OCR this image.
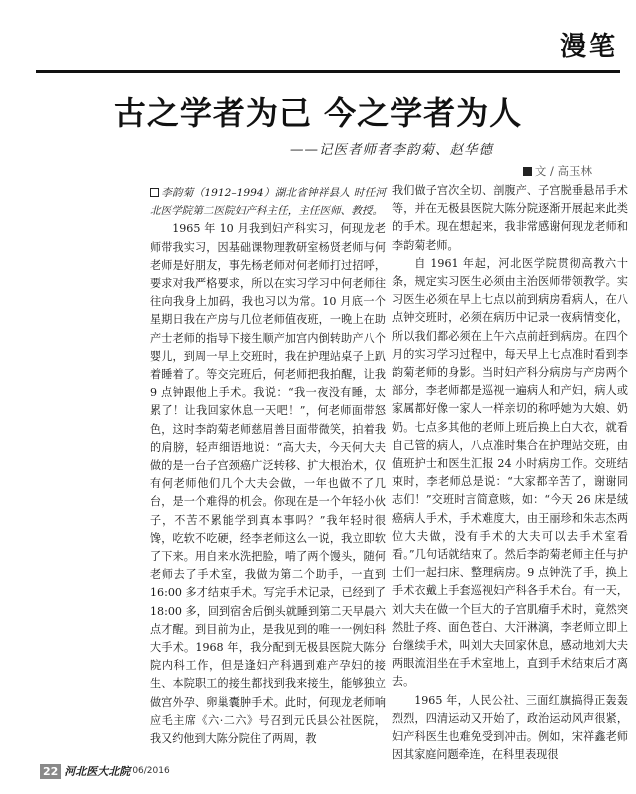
漫笔
古之学者为己 今之学者为人
——记医者师者李韵菊、赵华德
文 / 高玉林

李韵菊（1912–1994）湖北省钟祥县人 时任河北医学院第二医院妇产科主任，主任医师、教授。

1965 年 10 月我到妇产科实习，何现龙老师带我实习，因基础课物理教研室杨贤老师与何老师是好朋友，事先杨老师对何老师打过招呼，要求对我严格要求，所以在实习学习中何老师往往向我身上加码，我也习以为常。10 月底一个星期日我在产房与几位老师值夜班，一晚上在助产士老师的指导下接生顺产加宫内倒转助产八个婴儿，到周一早上交班时，我在护理站桌子上趴着睡着了。等交完班后，何老师把我拍醒，让我 9 点钟跟他上手术。我说：“我一夜没有睡，太累了！让我回家休息一天吧！”，何老师面带怒色，这时李韵菊老师慈眉善目面带微笑，拍着我的肩膀，轻声细语地说：“高大夫，今天何大夫做的是一台子宫颈癌广泛转移、扩大根治术，仅有何老师他们几个大夫会做，一年也做不了几台，是一个难得的机会。你现在是一个年轻小伙子，不苦不累能学到真本事吗？”我年轻时很馋，吃软不吃硬，经李老师这么一说，我立即软了下来。用自来水洗把脸，啃了两个馒头，随何老师去了手术室，我做为第二个助手，一直到 16:00 多才结束手术。写完手术记录，已经到了 18:00 多，回到宿舍后倒头就睡到第二天早晨六点才醒。到目前为止，是我见到的唯一一例妇科大手术。1968 年，我分配到无极县医院大陈分院内科工作，但是逢妇产科遇到难产孕妇的接生、本院职工的接生都找到我来接生，能够独立做宫外孕、卵巢囊肿手术。此时，何现龙老师响应毛主席《六·二六》号召到元氏县公社医院，我又约他到大陈分院住了两周，教

我们做子宫次全切、剖腹产、子宫脱垂悬吊手术等，并在无极县医院大陈分院逐渐开展起来此类的手术。现在想起来，我非常感谢何现龙老师和李韵菊老师。

自 1961 年起，河北医学院贯彻高教六十条，规定实习医生必须由主治医师带领教学。实习医生必须在早上七点以前到病房看病人，在八点钟交班时，必须在病历中记录一夜病情变化，所以我们都必须在上午六点前赶到病房。在四个月的实习学习过程中，每天早上七点准时看到李韵菊老师的身影。当时妇产科分病房与产房两个部分，李老师都是巡视一遍病人和产妇，病人或家属都好像一家人一样亲切的称呼她为大娘、奶奶。七点多其他的老师上班后换上白大衣，就看自己管的病人，八点准时集合在护理站交班，由值班护士和医生汇报 24 小时病房工作。交班结束时，李老师总是说：“大家都辛苦了，谢谢同志们！”交班时言简意赅，如：“今天 26 床是绒癌病人手术，手术难度大，由王丽珍和朱志杰两位大夫做，没有手术的大夫可以去手术室看看。”几句话就结束了。然后李韵菊老师主任与护士们一起扫床、整理病房。9 点钟洗了手，换上手术衣戴上手套巡视妇产科各手术台。有一天，刘大夫在做一个巨大的子宫肌瘤手术时，竟然突然肚子疼、面色苍白、大汗淋漓，李老师立即上台继续手术，叫刘大夫回家休息，感动地刘大夫两眼流泪坐在手术室地上，直到手术结束后才离去。

1965 年，人民公社、三面红旗搞得正轰轰烈烈，四清运动又开始了，政治运动风声很紧，妇产科医生也难免受到冲击。例如，宋祥鑫老师因其家庭问题牵连，在科里表现很

22 河北医大北院 06/2016
